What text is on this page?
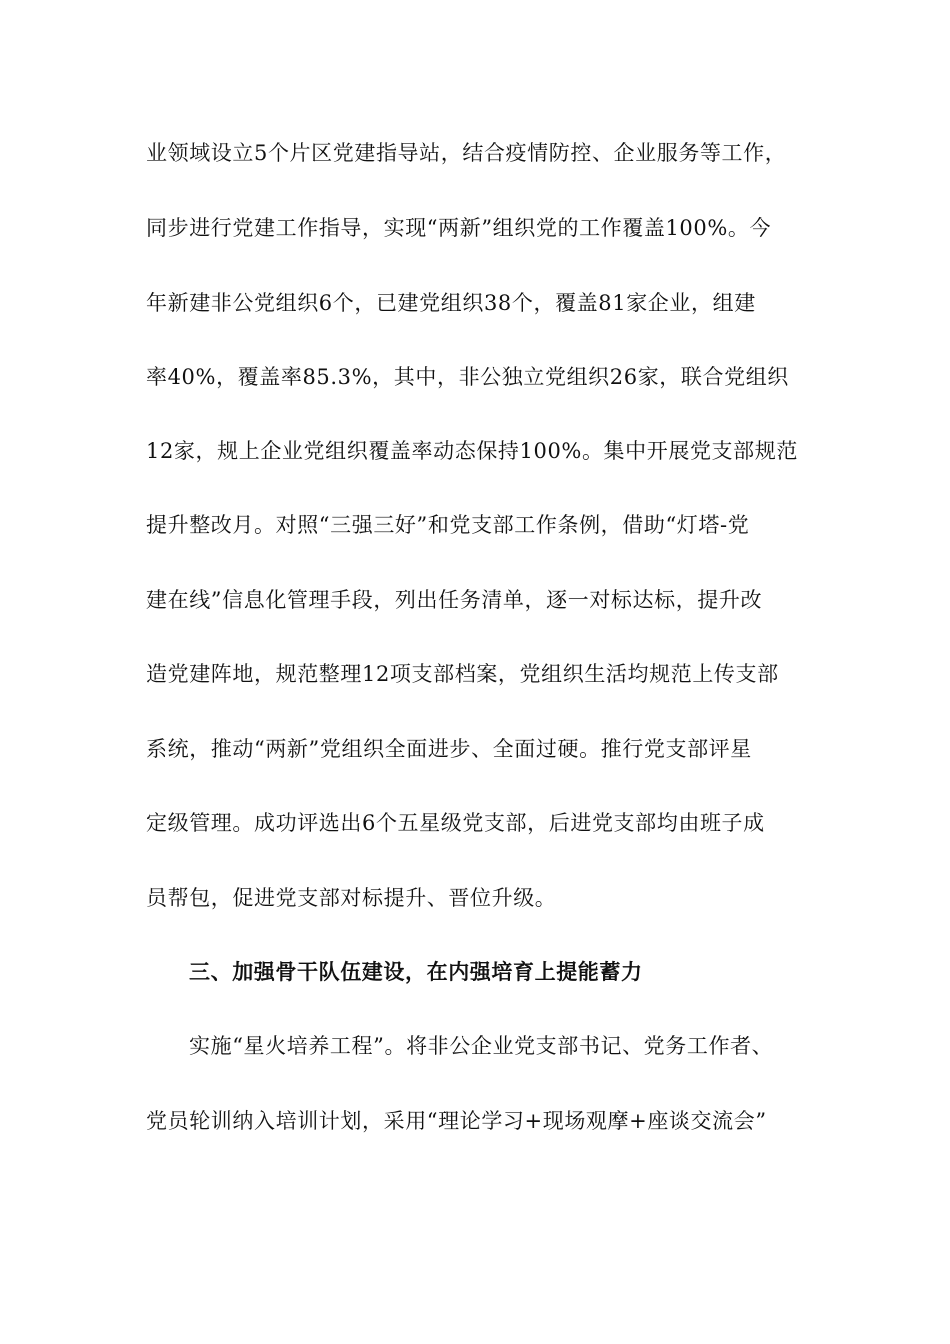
业领域设立5个片区党建指导站，结合疫情防控、企业服务等工作，
同步进行党建工作指导，实现“两新”组织党的工作覆盖100%。今
年新建非公党组织6个，已建党组织38个，覆盖81家企业，组建
率40%，覆盖率85.3%，其中，非公独立党组织26家，联合党组织
12家，规上企业党组织覆盖率动态保持100%。集中开展党支部规范
提升整改月。对照“三强三好”和党支部工作条例，借助“灯塔-党
建在线”信息化管理手段，列出任务清单，逐一对标达标，提升改
造党建阵地，规范整理12项支部档案，党组织生活均规范上传支部
系统，推动“两新”党组织全面进步、全面过硬。推行党支部评星
定级管理。成功评选出6个五星级党支部，后进党支部均由班子成
员帮包，促进党支部对标提升、晋位升级。
三、加强骨干队伍建设，在内强培育上提能蓄力
实施“星火培养工程”。将非公企业党支部书记、党务工作者、
党员轮训纳入培训计划，采用“理论学习+现场观摩+座谈交流会”
